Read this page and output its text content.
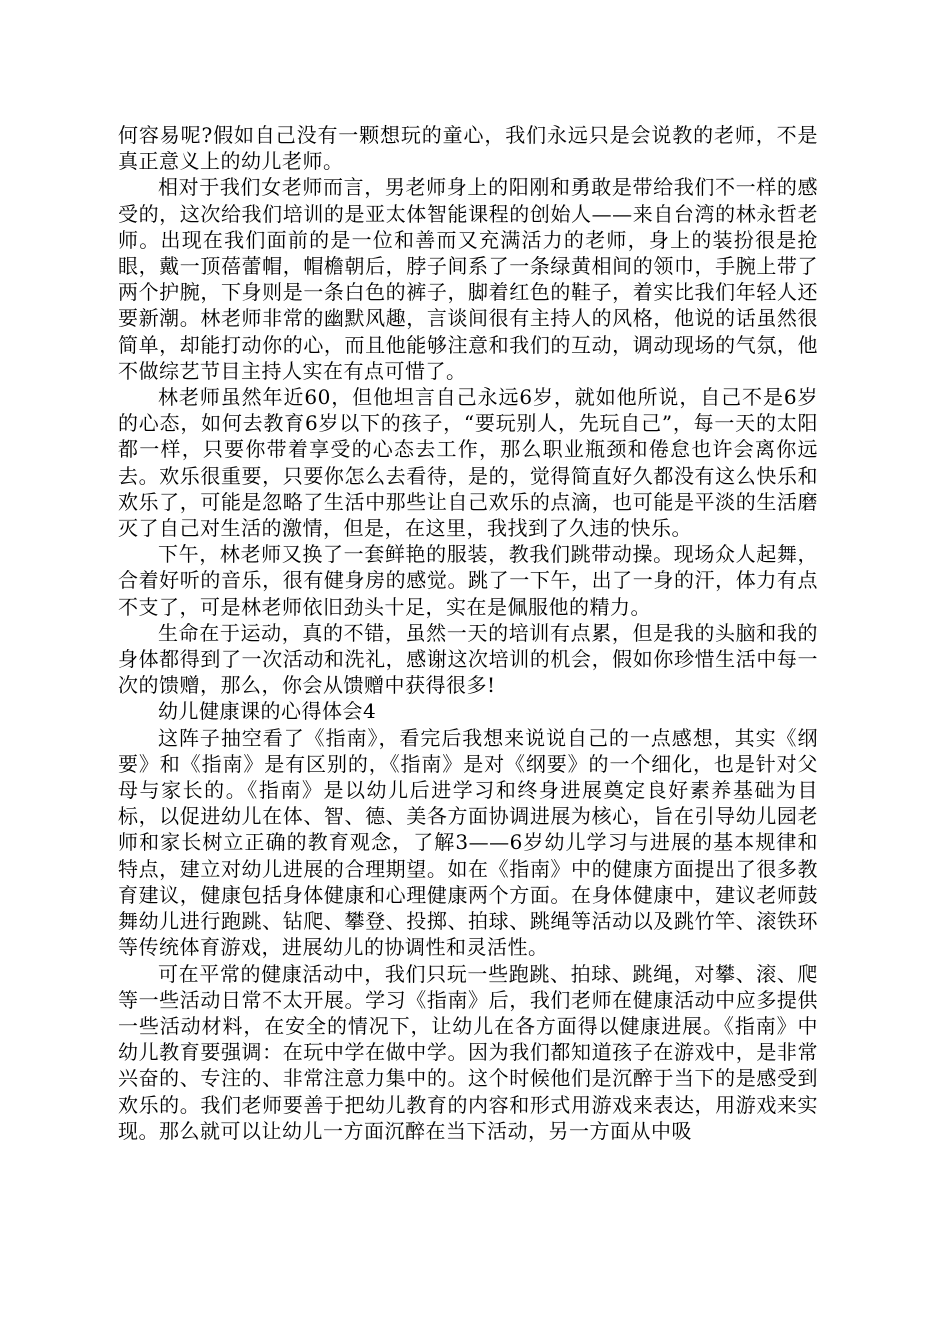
何容易呢?假如自己没有一颗想玩的童心，我们永远只是会说教的老师，不是真正意义上的幼儿老师。

相对于我们女老师而言，男老师身上的阳刚和勇敢是带给我们不一样的感受的，这次给我们培训的是亚太体智能课程的创始人——来自台湾的林永哲老师。出现在我们面前的是一位和善而又充满活力的老师，身上的装扮很是抢眼，戴一顶蓓蕾帽，帽檐朝后，脖子间系了一条绿黄相间的领巾，手腕上带了两个护腕，下身则是一条白色的裤子，脚着红色的鞋子，着实比我们年轻人还要新潮。林老师非常的幽默风趣，言谈间很有主持人的风格，他说的话虽然很简单，却能打动你的心，而且他能够注意和我们的互动，调动现场的气氛，他不做综艺节目主持人实在有点可惜了。

林老师虽然年近60，但他坦言自己永远6岁，就如他所说，自己不是6岁的心态，如何去教育6岁以下的孩子，“要玩别人，先玩自己”，每一天的太阳都一样，只要你带着享受的心态去工作，那么职业瓶颈和倦怠也许会离你远去。欢乐很重要，只要你怎么去看待，是的，觉得简直好久都没有这么快乐和欢乐了，可能是忽略了生活中那些让自己欢乐的点滴，也可能是平淡的生活磨灭了自己对生活的激情，但是，在这里，我找到了久违的快乐。

下午，林老师又换了一套鲜艳的服装，教我们跳带动操。现场众人起舞，合着好听的音乐，很有健身房的感觉。跳了一下午，出了一身的汗，体力有点不支了，可是林老师依旧劲头十足，实在是佩服他的精力。

生命在于运动，真的不错，虽然一天的培训有点累，但是我的头脑和我的身体都得到了一次活动和洗礼，感谢这次培训的机会，假如你珍惜生活中每一次的馈赠，那么，你会从馈赠中获得很多!

幼儿健康课的心得体会4

这阵子抽空看了《指南》，看完后我想来说说自己的一点感想，其实《纲要》和《指南》是有区别的，《指南》是对《纲要》的一个细化，也是针对父母与家长的。《指南》是以幼儿后进学习和终身进展奠定良好素养基础为目标，以促进幼儿在体、智、德、美各方面协调进展为核心，旨在引导幼儿园老师和家长树立正确的教育观念，了解3——6岁幼儿学习与进展的基本规律和特点，建立对幼儿进展的合理期望。如在《指南》中的健康方面提出了很多教育建议，健康包括身体健康和心理健康两个方面。在身体健康中，建议老师鼓舞幼儿进行跑跳、钻爬、攀登、投掷、拍球、跳绳等活动以及跳竹竿、滚铁环等传统体育游戏，进展幼儿的协调性和灵活性。

可在平常的健康活动中，我们只玩一些跑跳、拍球、跳绳，对攀、滚、爬等一些活动日常不太开展。学习《指南》后，我们老师在健康活动中应多提供一些活动材料，在安全的情况下，让幼儿在各方面得以健康进展。《指南》中幼儿教育要强调：在玩中学在做中学。因为我们都知道孩子在游戏中，是非常兴奋的、专注的、非常注意力集中的。这个时候他们是沉醉于当下的是感受到欢乐的。我们老师要善于把幼儿教育的内容和形式用游戏来表达，用游戏来实现。那么就可以让幼儿一方面沉醉在当下活动，另一方面从中吸
